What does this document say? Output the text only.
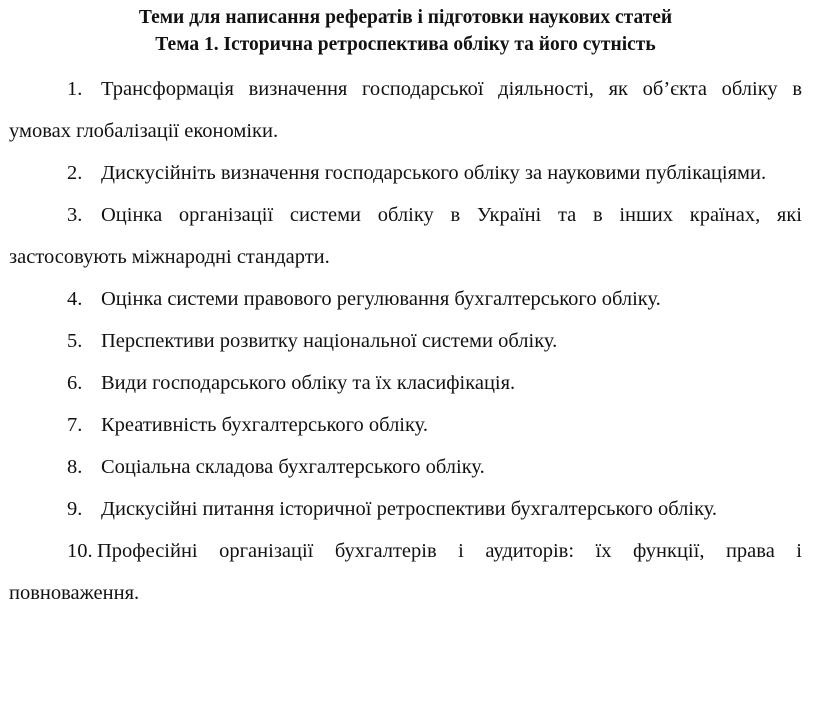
Теми для написання рефератів і підготовки наукових статей

Тема 1. Історична ретроспектива обліку та його сутність

1. Трансформація визначення господарської діяльності, як об’єкта обліку в умовах глобалізації економіки.
2. Дискусійніть визначення господарського обліку за науковими публікаціями.
3. Оцінка організації системи обліку в Україні та в інших країнах, які застосовують міжнародні стандарти.
4. Оцінка системи правового регулювання бухгалтерського обліку.
5. Перспективи розвитку національної системи обліку.
6. Види господарського обліку та їх класифікація.
7. Креативність бухгалтерського обліку.
8. Соціальна складова бухгалтерського обліку.
9. Дискусійні питання історичної ретроспективи бухгалтерського обліку.
10. Професійні організації бухгалтерів і аудиторів: їх функції, права і повноваження.
